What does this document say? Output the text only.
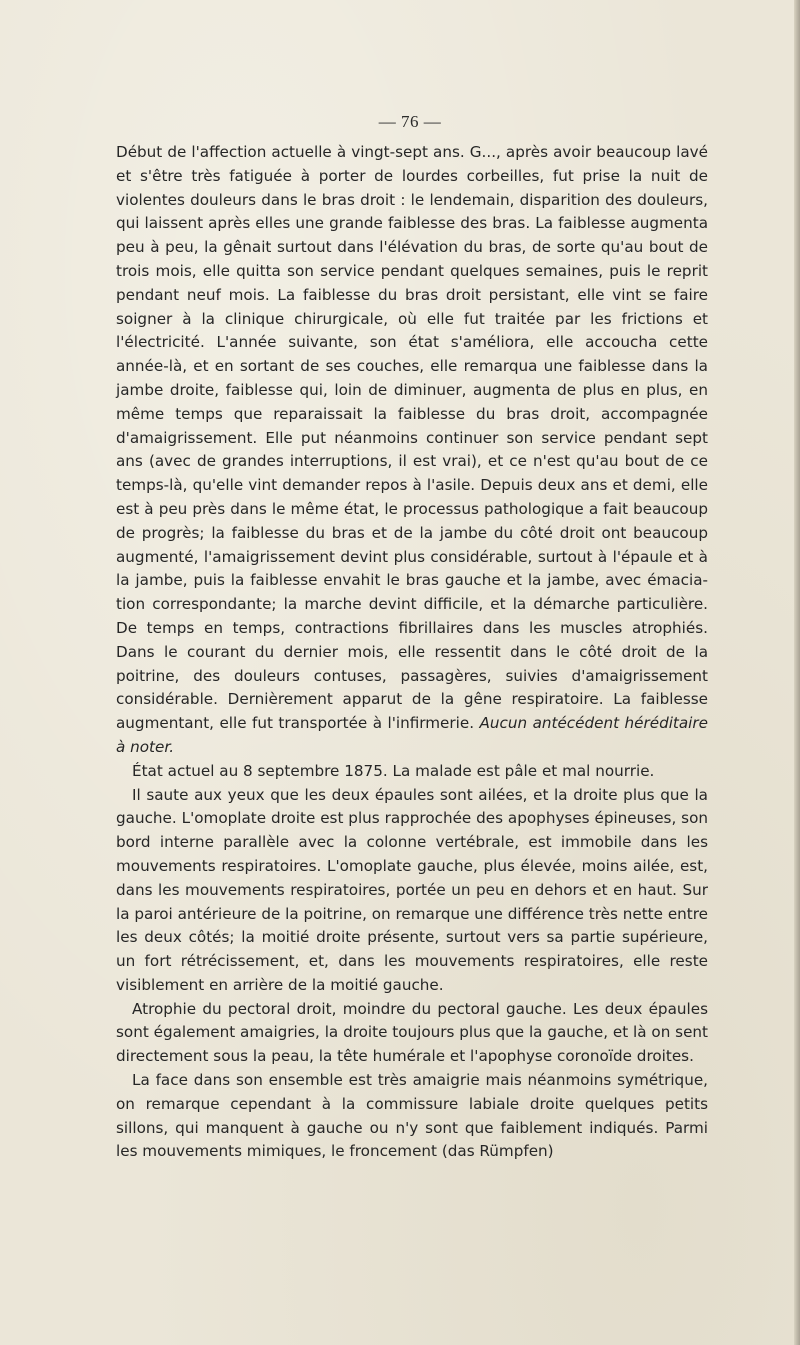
— 76 —

Début de l'affection actuelle à vingt-sept ans. G..., après avoir beaucoup lavé et s'être très fatiguée à porter de lourdes corbeilles, fut prise la nuit de violentes douleurs dans le bras droit : le lendemain, disparition des douleurs, qui laissent après elles une grande faiblesse des bras. La faiblesse augmenta peu à peu, la gênait surtout dans l'élévation du bras, de sorte qu'au bout de trois mois, elle quitta son service pendant quelques semaines, puis le reprit pendant neuf mois. La faiblesse du bras droit persistant, elle vint se faire soigner à la clinique chirurgicale, où elle fut traitée par les frictions et l'électricité. L'année suivante, son état s'améliora, elle accoucha cette année-là, et en sortant de ses couches, elle remarqua une faiblesse dans la jambe droite, faiblesse qui, loin de diminuer, augmenta de plus en plus, en même temps que reparaissait la faiblesse du bras droit, accompagnée d'amaigrissement. Elle put néanmoins continuer son service pendant sept ans (avec de grandes interruptions, il est vrai), et ce n'est qu'au bout de ce temps-là, qu'elle vint demander repos à l'asile. Depuis deux ans et demi, elle est à peu près dans le même état, le processus pathologique a fait beaucoup de progrès; la faiblesse du bras et de la jambe du côté droit ont beaucoup augmenté, l'amaigrissement devint plus considérable, surtout à l'épaule et à la jambe, puis la faiblesse envahit le bras gauche et la jambe, avec émaciation correspondante; la marche devint difficile, et la démarche particulière. De temps en temps, contractions fibrillaires dans les muscles atrophiés. Dans le courant du dernier mois, elle ressentit dans le côté droit de la poitrine, des douleurs contuses, passagères, suivies d'amaigrissement considérable. Dernièrement apparut de la gêne respiratoire. La faiblesse augmentant, elle fut transportée à l'infirmerie. Aucun antécédent héréditaire à noter.

État actuel au 8 septembre 1875. La malade est pâle et mal nourrie.

Il saute aux yeux que les deux épaules sont ailées, et la droite plus que la gauche. L'omoplate droite est plus rapprochée des apophyses épineuses, son bord interne parallèle avec la colonne vertébrale, est immobile dans les mouvements respiratoires. L'omoplate gauche, plus élevée, moins ailée, est, dans les mouvements respiratoires, portée un peu en dehors et en haut. Sur la paroi antérieure de la poitrine, on remarque une différence très nette entre les deux côtés; la moitié droite présente, surtout vers sa partie supérieure, un fort rétrécissement, et, dans les mouvements respiratoires, elle reste visiblement en arrière de la moitié gauche.

Atrophie du pectoral droit, moindre du pectoral gauche. Les deux épaules sont également amaigries, la droite toujours plus que la gauche, et là on sent directement sous la peau, la tête humérale et l'apophyse coronoïde droites.

La face dans son ensemble est très amaigrie mais néanmoins symétrique, on remarque cependant à la commissure labiale droite quelques petits sillons, qui manquent à gauche ou n'y sont que faiblement indiqués. Parmi les mouvements mimiques, le froncement (das Rümpfen)
